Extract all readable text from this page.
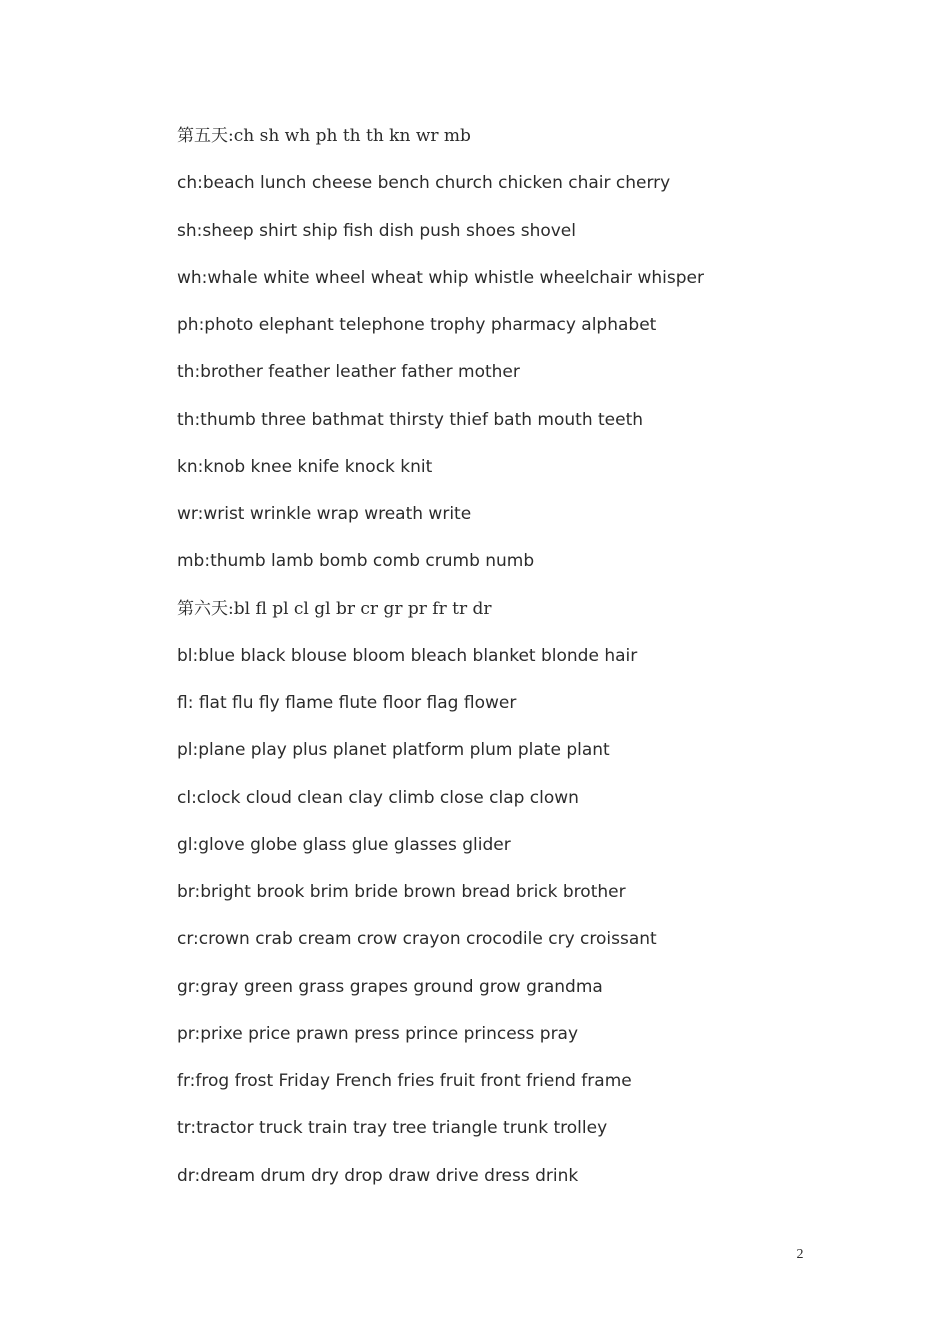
第五天:ch sh wh ph th th kn wr mb
ch:beach lunch cheese bench church chicken chair cherry
sh:sheep shirt ship fish dish push shoes shovel
wh:whale white wheel wheat whip whistle wheelchair whisper
ph:photo elephant telephone trophy pharmacy alphabet
th:brother feather leather father mother
th:thumb three bathmat thirsty thief bath mouth teeth
kn:knob knee knife knock knit
wr:wrist wrinkle wrap wreath write
mb:thumb lamb bomb comb crumb numb
第六天:bl fl pl cl gl br cr gr pr fr tr dr
bl:blue black blouse bloom bleach blanket blonde hair
fl: flat flu fly flame flute floor flag flower
pl:plane play plus planet platform plum plate plant
cl:clock cloud clean clay climb close clap clown
gl:glove globe glass glue glasses glider
br:bright brook brim bride brown bread brick brother
cr:crown crab cream crow crayon crocodile cry croissant
gr:gray green grass grapes ground grow grandma
pr:prixe price prawn press prince princess pray
fr:frog frost Friday French fries fruit front friend frame
tr:tractor truck train tray tree triangle trunk trolley
dr:dream drum dry drop draw drive dress drink
2
